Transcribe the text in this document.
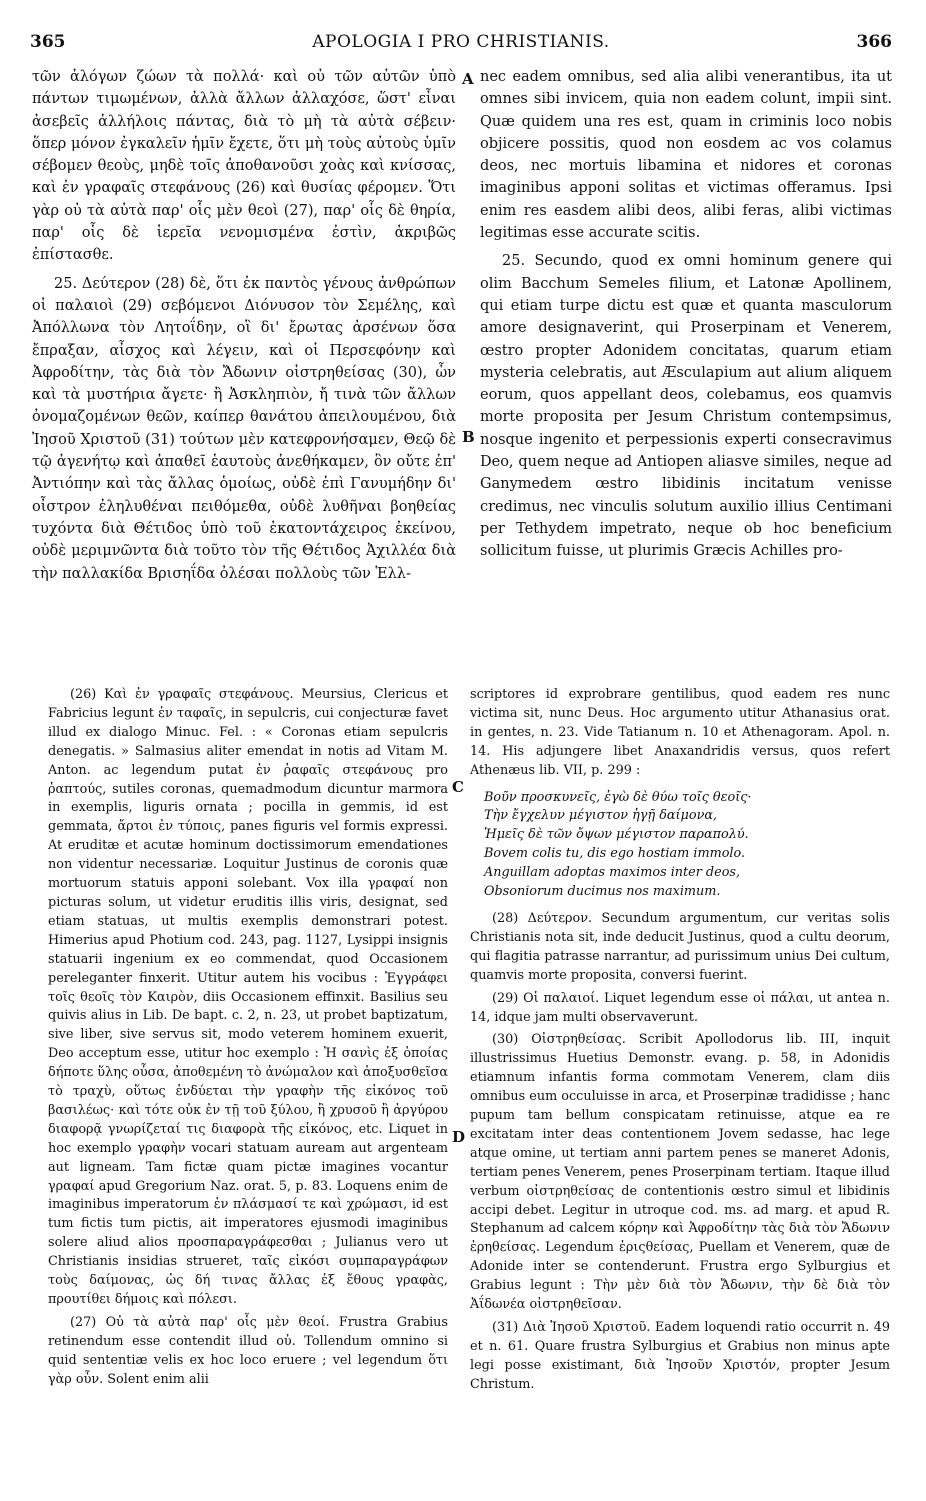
365	APOLOGIA I PRO CHRISTIANIS.	366

τῶν ἀλόγων ζώων τὰ πολλά· καὶ οὐ τῶν αὐτῶν ὑπὸ πάντων τιμωμένων, ἀλλὰ ἄλλων ἀλλαχόσε, ὥστ' εἶναι ἀσεβεῖς ἀλλήλοις πάντας, διὰ τὸ μὴ τὰ αὐτὰ σέβειν· ὅπερ μόνον ἐγκαλεῖν ἡμῖν ἔχετε, ὅτι μὴ τοὺς αὐτοὺς ὑμῖν σέβομεν θεοὺς, μηδὲ τοῖς ἀποθανοῦσι χοὰς καὶ κνίσσας, καὶ ἐν γραφαῖς στεφάνους (26) καὶ θυσίας φέρομεν. Ὅτι γὰρ οὐ τὰ αὐτὰ παρ' οἷς μὲν θεοὶ (27), παρ' οἷς δὲ θηρία, παρ' οἷς δὲ ἱερεῖα νενομισμένα ἐστὶν, ἀκριβῶς ἐπίστασθε.

25. Δεύτερον (28) δὲ, ὅτι ἐκ παντὸς γένους ἀνθρώπων οἱ παλαιοὶ (29) σεβόμενοι Διόνυσον τὸν Σεμέλης, καὶ Ἀπόλλωνα τὸν Λητοΐδην, οἳ δι' ἔρωτας ἀρσένων ὅσα ἔπραξαν, αἶσχος καὶ λέγειν, καὶ οἱ Περσεφόνην καὶ Ἀφροδίτην, τὰς διὰ τὸν Ἄδωνιν οἰστρηθείσας (30), ὧν καὶ τὰ μυστήρια ἄγετε· ἢ Ἀσκληπιὸν, ἤ τινὰ τῶν ἄλλων ὀνομαζομένων θεῶν, καίπερ θανάτου ἀπειλουμένου, διὰ Ἰησοῦ Χριστοῦ (31) τούτων μὲν κατεφρονήσαμεν, Θεῷ δὲ τῷ ἀγενήτῳ καὶ ἀπαθεῖ ἑαυτοὺς ἀνεθήκαμεν, ὃν οὔτε ἐπ' Ἀντιόπην καὶ τὰς ἄλλας ὁμοίως, οὐδὲ ἐπὶ Γανυμήδην δι' οἶστρον ἐληλυθέναι πειθόμεθα, οὐδὲ λυθῆναι βοηθείας τυχόντα διὰ Θέτιδος ὑπὸ τοῦ ἑκατοντάχειρος ἐκείνου, οὐδὲ μεριμνῶντα διὰ τοῦτο τὸν τῆς Θέτιδος Ἀχιλλέα διὰ τὴν παλλακίδα Βρισηΐδα ὀλέσαι πολλοὺς τῶν Ἑλλ-

nec eadem omnibus, sed alia alibi venerantibus, ita ut omnes sibi invicem, quia non eadem colunt, impii sint. Quæ quidem una res est, quam in criminis loco nobis objicere possitis, quod non eosdem ac vos colamus deos, nec mortuis libamina et nidores et coronas imaginibus apponi solitas et victimas offeramus. Ipsi enim res easdem alibi deos, alibi feras, alibi victimas legitimas esse accurate scitis.

25. Secundo, quod ex omni hominum genere qui olim Bacchum Semeles filium, et Latonæ Apollinem, qui etiam turpe dictu est quæ et quanta masculorum amore designaverint, qui Proserpinam et Venerem, œstro propter Adonidem concitatas, quarum etiam mysteria celebratis, aut Æsculapium aut alium aliquem eorum, quos appellant deos, colebamus, eos quamvis morte proposita per Jesum Christum contempsimus, nosque ingenito et perpessionis experti consecravimus Deo, quem neque ad Antiopen aliasve similes, neque ad Ganymedem œstro libidinis incitatum venisse credimus, nec vinculis solutum auxilio illius Centimani per Tethydem impetrato, neque ob hoc beneficium sollicitum fuisse, ut plurimis Græcis Achilles pro-

A
B
C
D

(26) Καὶ ἐν γραφαῖς στεφάνους. Meursius, Clericus et Fabricius legunt ἐν ταφαῖς, in sepulcris, cui conjecturæ favet illud ex dialogo Minuc. Fel. : « Coronas etiam sepulcris denegatis. » Salmasius aliter emendat in notis ad Vitam M. Anton. ac legendum putat ἐν ῥαφαῖς στεφάνους pro ῥαπτούς, sutiles coronas, quemadmodum dicuntur marmora in exemplis, liguris ornata ; pocilla in gemmis, id est gemmata, ἄρτοι ἐν τύποις, panes figuris vel formis expressi. At eruditæ et acutæ hominum doctissimorum emendationes non videntur necessariæ. Loquitur Justinus de coronis quæ mortuorum statuis apponi solebant. Vox illa γραφαί non picturas solum, ut videtur eruditis illis viris, designat, sed etiam statuas, ut multis exemplis demonstrari potest. Himerius apud Photium cod. 243, pag. 1127, Lysippi insignis statuarii ingenium ex eo commendat, quod Occasionem pereleganter finxerit. Utitur autem his vocibus : Ἐγγράφει τοῖς θεοῖς τὸν Καιρὸν, diis Occasionem effinxit. Basilius seu quivis alius in Lib. De bapt. c. 2, n. 23, ut probet baptizatum, sive liber, sive servus sit, modo veterem hominem exuerit, Deo acceptum esse, utitur hoc exemplo : Ἡ σανὶς ἐξ ὁποίας δήποτε ὕλης οὖσα, ἀποθεμένη τὸ ἀνώμαλον καὶ ἀποξυσθεῖσα τὸ τραχὺ, οὕτως ἐνδύεται τὴν γραφὴν τῆς εἰκόνος τοῦ βασιλέως· καὶ τότε οὐκ ἐν τῇ τοῦ ξύλου, ἢ χρυσοῦ ἢ ἀργύρου διαφορᾷ γνωρίζεταί τις διαφορὰ τῆς εἰκόνος, etc. Liquet in hoc exemplo γραφὴν vocari statuam auream aut argenteam aut ligneam. Tam fictæ quam pictæ imagines vocantur γραφαί apud Gregorium Naz. orat. 5, p. 83. Loquens enim de imaginibus imperatorum ἐν πλάσμασί τε καὶ χρώμασι, id est tum fictis tum pictis, ait imperatores ejusmodi imaginibus solere aliud alios προσπαραγράφεσθαι ; Julianus vero ut Christianis insidias strueret, ταῖς εἰκόσι συμπαραγράφων τοὺς δαίμονας, ὡς δή τινας ἄλλας ἐξ ἔθους γραφὰς, προυτίθει δήμοις καὶ πόλεσι.

(27) Οὐ τὰ αὐτὰ παρ' οἷς μὲν θεοί. Frustra Grabius retinendum esse contendit illud οὐ. Tollendum omnino si quid sententiæ velis ex hoc loco eruere ; vel legendum ὅτι γὰρ οὖν. Solent enim alii

scriptores id exprobrare gentilibus, quod eadem res nunc victima sit, nunc Deus. Hoc argumento utitur Athanasius orat. in gentes, n. 23. Vide Tatianum n. 10 et Athenagoram. Apol. n. 14. His adjungere libet Anaxandridis versus, quos refert Athenæus lib. VII, p. 299 :

Βοῦν προσκυνεῖς, ἐγὼ δὲ θύω τοῖς θεοῖς·
Τὴν ἔγχελυν μέγιστον ἡγῇ δαίμονα,
Ἡμεῖς δὲ τῶν ὄψων μέγιστον παραπολύ.
Bovem colis tu, dis ego hostiam immolo.
Anguillam adoptas maximos inter deos,
Obsoniorum ducimus nos maximum.

(28) Δεύτερον. Secundum argumentum, cur veritas solis Christianis nota sit, inde deducit Justinus, quod a cultu deorum, qui flagitia patrasse narrantur, ad purissimum unius Dei cultum, quamvis morte proposita, conversi fuerint.

(29) Οἱ παλαιοί. Liquet legendum esse οἱ πάλαι, ut antea n. 14, idque jam multi observaverunt.

(30) Οἰστρηθείσας. Scribit Apollodorus lib. III, inquit illustrissimus Huetius Demonstr. evang. p. 58, in Adonidis etiamnum infantis forma commotam Venerem, clam diis omnibus eum occuluisse in arca, et Proserpinæ tradidisse ; hanc pupum tam bellum conspicatam retinuisse, atque ea re excitatam inter deas contentionem Jovem sedasse, hac lege atque omine, ut tertiam anni partem penes se maneret Adonis, tertiam penes Venerem, penes Proserpinam tertiam. Itaque illud verbum οἰστρηθείσας de contentionis œstro simul et libidinis accipi debet. Legitur in utroque cod. ms. ad marg. et apud R. Stephanum ad calcem κόρην καὶ Ἀφροδίτην τὰς διὰ τὸν Ἄδωνιν ἐρηθείσας. Legendum ἐριςθείσας, Puellam et Venerem, quæ de Adonide inter se contenderunt. Frustra ergo Sylburgius et Grabius legunt : Τὴν μὲν διὰ τὸν Ἄδωνιν, τὴν δὲ διὰ τὸν Ἀΐδωνέα οἰστρηθεῖσαν.

(31) Διὰ Ἰησοῦ Χριστοῦ. Eadem loquendi ratio occurrit n. 49 et n. 61. Quare frustra Sylburgius et Grabius non minus apte legi posse existimant, διὰ Ἰησοῦν Χριστόν, propter Jesum Christum.
